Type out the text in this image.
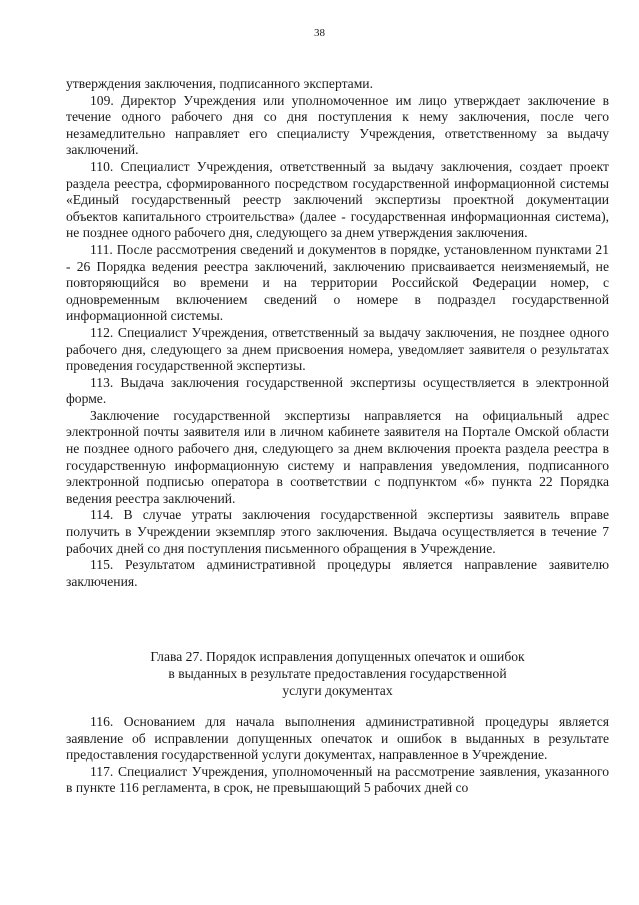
38

утверждения заключения, подписанного экспертами.

109. Директор Учреждения или уполномоченное им лицо утверждает заключение в течение одного рабочего дня со дня поступления к нему заключения, после чего незамедлительно направляет его специалисту Учреждения, ответственному за выдачу заключений.

110. Специалист Учреждения, ответственный за выдачу заключения, создает проект раздела реестра, сформированного посредством государственной информационной системы «Единый государственный реестр заключений экспертизы проектной документации объектов капитального строительства» (далее - государственная информационная система), не позднее одного рабочего дня, следующего за днем утверждения заключения.

111. После рассмотрения сведений и документов в порядке, установленном пунктами 21 - 26 Порядка ведения реестра заключений, заключению присваивается неизменяемый, не повторяющийся во времени и на территории Российской Федерации номер, с одновременным включением сведений о номере в подраздел государственной информационной системы.

112. Специалист Учреждения, ответственный за выдачу заключения, не позднее одного рабочего дня, следующего за днем присвоения номера, уведомляет заявителя о результатах проведения государственной экспертизы.

113. Выдача заключения государственной экспертизы осуществляется в электронной форме.

Заключение государственной экспертизы направляется на официальный адрес электронной почты заявителя или в личном кабинете заявителя на Портале Омской области не позднее одного рабочего дня, следующего за днем включения проекта раздела реестра в государственную информационную систему и направления уведомления, подписанного электронной подписью оператора в соответствии с подпунктом «б» пункта 22 Порядка ведения реестра заключений.

114. В случае утраты заключения государственной экспертизы заявитель вправе получить в Учреждении экземпляр этого заключения. Выдача осуществляется в течение 7 рабочих дней со дня поступления письменного обращения в Учреждение.

115. Результатом административной процедуры является направление заявителю заключения.

Глава 27. Порядок исправления допущенных опечаток и ошибок
в выданных в результате предоставления государственной
услуги документах

116. Основанием для начала выполнения административной процедуры является заявление об исправлении допущенных опечаток и ошибок в выданных в результате предоставления государственной услуги документах, направленное в Учреждение.

117. Специалист Учреждения, уполномоченный на рассмотрение заявления, указанного в пункте 116 регламента, в срок, не превышающий 5 рабочих дней со
